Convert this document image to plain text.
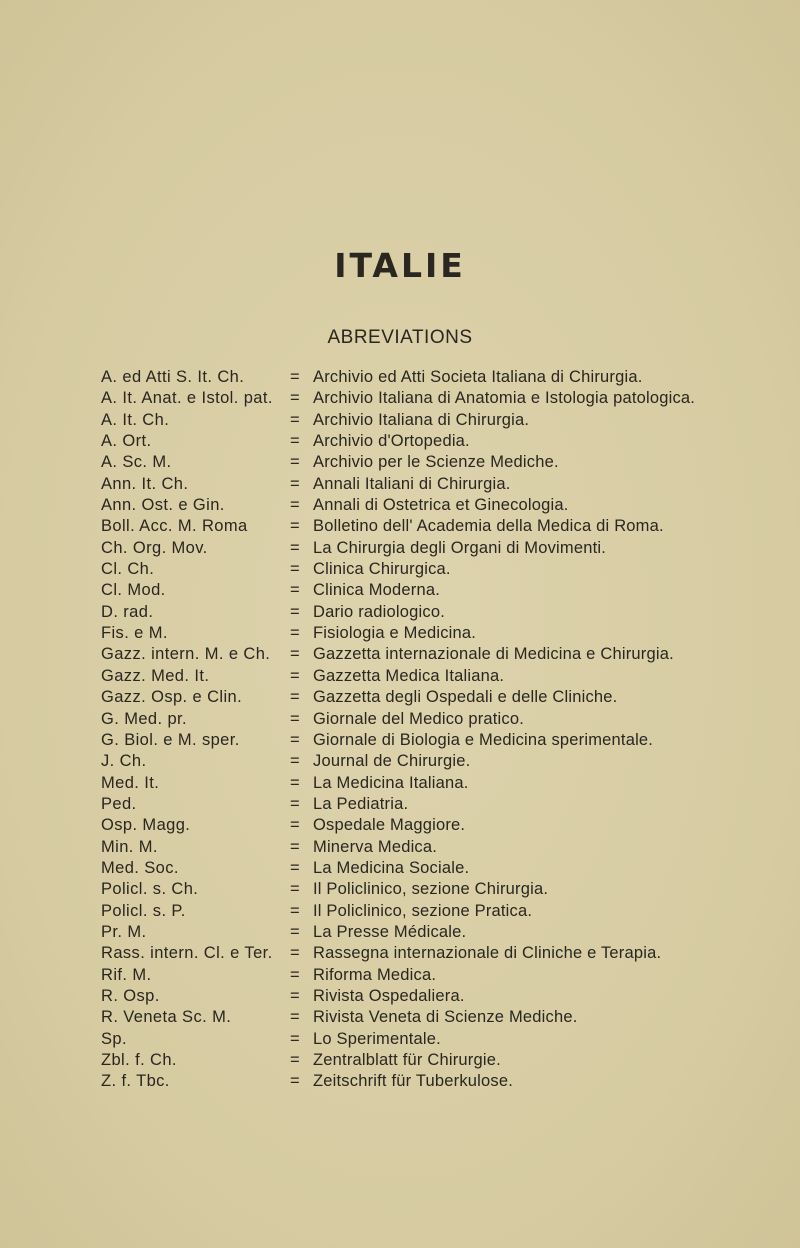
ITALIE
ABREVIATIONS
A. ed Atti S. It. Ch.	= Archivio ed Atti Societa Italiana di Chirurgia.
A. It. Anat. e Istol. pat. = Archivio Italiana di Anatomia e Istologia patologica.
A. It. Ch.	= Archivio Italiana di Chirurgia.
A. Ort.	= Archivio d'Ortopedia.
A. Sc. M.	= Archivio per le Scienze Mediche.
Ann. It. Ch.	= Annali Italiani di Chirurgia.
Ann. Ost. e Gin.	= Annali di Ostetrica et Ginecologia.
Boll. Acc. M. Roma	= Bolletino dell' Academia della Medica di Roma.
Ch. Org. Mov.	= La Chirurgia degli Organi di Movimenti.
Cl. Ch.	= Clinica Chirurgica.
Cl. Mod.	= Clinica Moderna.
D. rad.	= Dario radiologico.
Fis. e M.	= Fisiologia e Medicina.
Gazz. intern. M. e Ch. = Gazzetta internazionale di Medicina e Chirurgia.
Gazz. Med. It.	= Gazzetta Medica Italiana.
Gazz. Osp. e Clin.	= Gazzetta degli Ospedali e delle Cliniche.
G. Med. pr.	= Giornale del Medico pratico.
G. Biol. e M. sper.	= Giornale di Biologia e Medicina sperimentale.
J. Ch.	= Journal de Chirurgie.
Med. It.	= La Medicina Italiana.
Ped.	= La Pediatria.
Osp. Magg.	= Ospedale Maggiore.
Min. M.	= Minerva Medica.
Med. Soc.	= La Medicina Sociale.
Policl. s. Ch.	= Il Policlinico, sezione Chirurgia.
Policl. s. P.	= Il Policlinico, sezione Pratica.
Pr. M.	= La Presse Médicale.
Rass. intern. Cl. e Ter. = Rassegna internazionale di Cliniche e Terapia.
Rif. M.	= Riforma Medica.
R. Osp.	= Rivista Ospedaliera.
R. Veneta Sc. M.	= Rivista Veneta di Scienze Mediche.
Sp.	= Lo Sperimentale.
Zbl. f. Ch.	= Zentralblatt für Chirurgie.
Z. f. Tbc.	= Zeitschrift für Tuberkulose.
